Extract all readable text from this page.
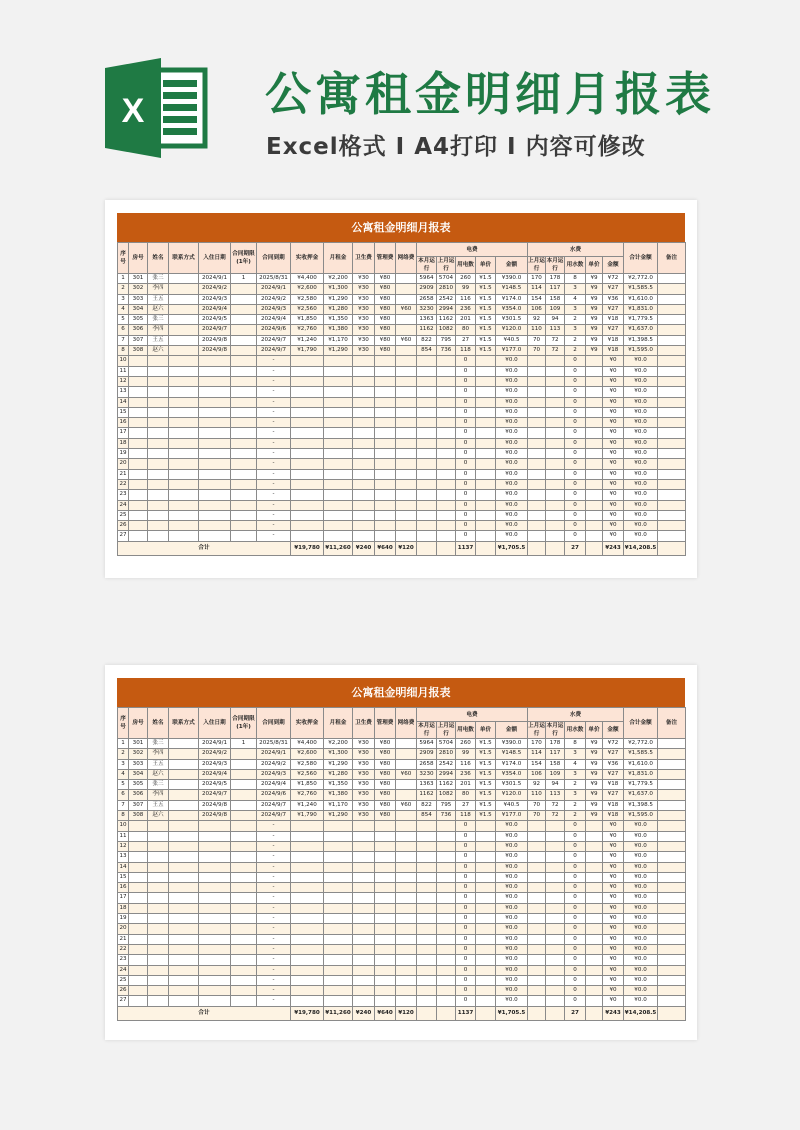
X	公寓租金明细月报表
Excel格式 I A4打印 I 内容可修改
公寓租金明细月报表
序号	房号	姓名	联系方式	入住日期	合同期限(1年)	合同到期	实收押金	月租金	卫生费	管理费	网络费	电费					水费					合计金额	备注
												本月运行	上月运行	用电数	单价	金额	上月运行	本月运行	用水数	单价	金额		
1	301	张三		2024/9/1	1	2025/8/31	¥4,400	¥2,200	¥30	¥80		5964	5704	260	¥1.5	¥390.0	170	178	8	¥9	¥72	¥2,772.0	
2	302	李四		2024/9/2		2024/9/1	¥2,600	¥1,300	¥30	¥80		2909	2810	99	¥1.5	¥148.5	114	117	3	¥9	¥27	¥1,585.5	
3	303	王五		2024/9/3		2024/9/2	¥2,580	¥1,290	¥30	¥80		2658	2542	116	¥1.5	¥174.0	154	158	4	¥9	¥36	¥1,610.0	
4	304	赵六		2024/9/4		2024/9/3	¥2,560	¥1,280	¥30	¥80	¥60	3230	2994	236	¥1.5	¥354.0	106	109	3	¥9	¥27	¥1,831.0	
5	305	张三		2024/9/5		2024/9/4	¥1,850	¥1,350	¥30	¥80		1363	1162	201	¥1.5	¥301.5	92	94	2	¥9	¥18	¥1,779.5	
6	306	李四		2024/9/7		2024/9/6	¥2,760	¥1,380	¥30	¥80		1162	1082	80	¥1.5	¥120.0	110	113	3	¥9	¥27	¥1,637.0	
7	307	王五		2024/9/8		2024/9/7	¥1,240	¥1,170	¥30	¥80	¥60	822	795	27	¥1.5	¥40.5	70	72	2	¥9	¥18	¥1,398.5	
8	308	赵六		2024/9/8		2024/9/7	¥1,790	¥1,290	¥30	¥80		854	736	118	¥1.5	¥177.0	70	72	2	¥9	¥18	¥1,595.0	
10						-								0		¥0.0			0		¥0	¥0.0	
11						-								0		¥0.0			0		¥0	¥0.0	
12						-								0		¥0.0			0		¥0	¥0.0	
13						-								0		¥0.0			0		¥0	¥0.0	
14						-								0		¥0.0			0		¥0	¥0.0	
15						-								0		¥0.0			0		¥0	¥0.0	
16						-								0		¥0.0			0		¥0	¥0.0	
17						-								0		¥0.0			0		¥0	¥0.0	
18						-								0		¥0.0			0		¥0	¥0.0	
19						-								0		¥0.0			0		¥0	¥0.0	
20						-								0		¥0.0			0		¥0	¥0.0	
21						-								0		¥0.0			0		¥0	¥0.0	
22						-								0		¥0.0			0		¥0	¥0.0	
23						-								0		¥0.0			0		¥0	¥0.0	
24						-								0		¥0.0			0		¥0	¥0.0	
25						-								0		¥0.0			0		¥0	¥0.0	
26						-								0		¥0.0			0		¥0	¥0.0	
27						-								0		¥0.0			0		¥0	¥0.0	
合计							¥19,780	¥11,260	¥240	¥640	¥120			1137		¥1,705.5			27		¥243	¥14,208.5	
公寓租金明细月报表
序号	房号	姓名	联系方式	入住日期	合同期限(1年)	合同到期	实收押金	月租金	卫生费	管理费	网络费	电费					水费					合计金额	备注
												本月运行	上月运行	用电数	单价	金额	上月运行	本月运行	用水数	单价	金额		
1	301	张三		2024/9/1	1	2025/8/31	¥4,400	¥2,200	¥30	¥80		5964	5704	260	¥1.5	¥390.0	170	178	8	¥9	¥72	¥2,772.0	
2	302	李四		2024/9/2		2024/9/1	¥2,600	¥1,300	¥30	¥80		2909	2810	99	¥1.5	¥148.5	114	117	3	¥9	¥27	¥1,585.5	
3	303	王五		2024/9/3		2024/9/2	¥2,580	¥1,290	¥30	¥80		2658	2542	116	¥1.5	¥174.0	154	158	4	¥9	¥36	¥1,610.0	
4	304	赵六		2024/9/4		2024/9/3	¥2,560	¥1,280	¥30	¥80	¥60	3230	2994	236	¥1.5	¥354.0	106	109	3	¥9	¥27	¥1,831.0	
5	305	张三		2024/9/5		2024/9/4	¥1,850	¥1,350	¥30	¥80		1363	1162	201	¥1.5	¥301.5	92	94	2	¥9	¥18	¥1,779.5	
6	306	李四		2024/9/7		2024/9/6	¥2,760	¥1,380	¥30	¥80		1162	1082	80	¥1.5	¥120.0	110	113	3	¥9	¥27	¥1,637.0	
7	307	王五		2024/9/8		2024/9/7	¥1,240	¥1,170	¥30	¥80	¥60	822	795	27	¥1.5	¥40.5	70	72	2	¥9	¥18	¥1,398.5	
8	308	赵六		2024/9/8		2024/9/7	¥1,790	¥1,290	¥30	¥80		854	736	118	¥1.5	¥177.0	70	72	2	¥9	¥18	¥1,595.0	
10						-								0		¥0.0			0		¥0	¥0.0	
11						-								0		¥0.0			0		¥0	¥0.0	
12						-								0		¥0.0			0		¥0	¥0.0	
13						-								0		¥0.0			0		¥0	¥0.0	
14						-								0		¥0.0			0		¥0	¥0.0	
15						-								0		¥0.0			0		¥0	¥0.0	
16						-								0		¥0.0			0		¥0	¥0.0	
17						-								0		¥0.0			0		¥0	¥0.0	
18						-								0		¥0.0			0		¥0	¥0.0	
19						-								0		¥0.0			0		¥0	¥0.0	
20						-								0		¥0.0			0		¥0	¥0.0	
21						-								0		¥0.0			0		¥0	¥0.0	
22						-								0		¥0.0			0		¥0	¥0.0	
23						-								0		¥0.0			0		¥0	¥0.0	
24						-								0		¥0.0			0		¥0	¥0.0	
25						-								0		¥0.0			0		¥0	¥0.0	
26						-								0		¥0.0			0		¥0	¥0.0	
27						-								0		¥0.0			0		¥0	¥0.0	
合计							¥19,780	¥11,260	¥240	¥640	¥120			1137		¥1,705.5			27		¥243	¥14,208.5	
